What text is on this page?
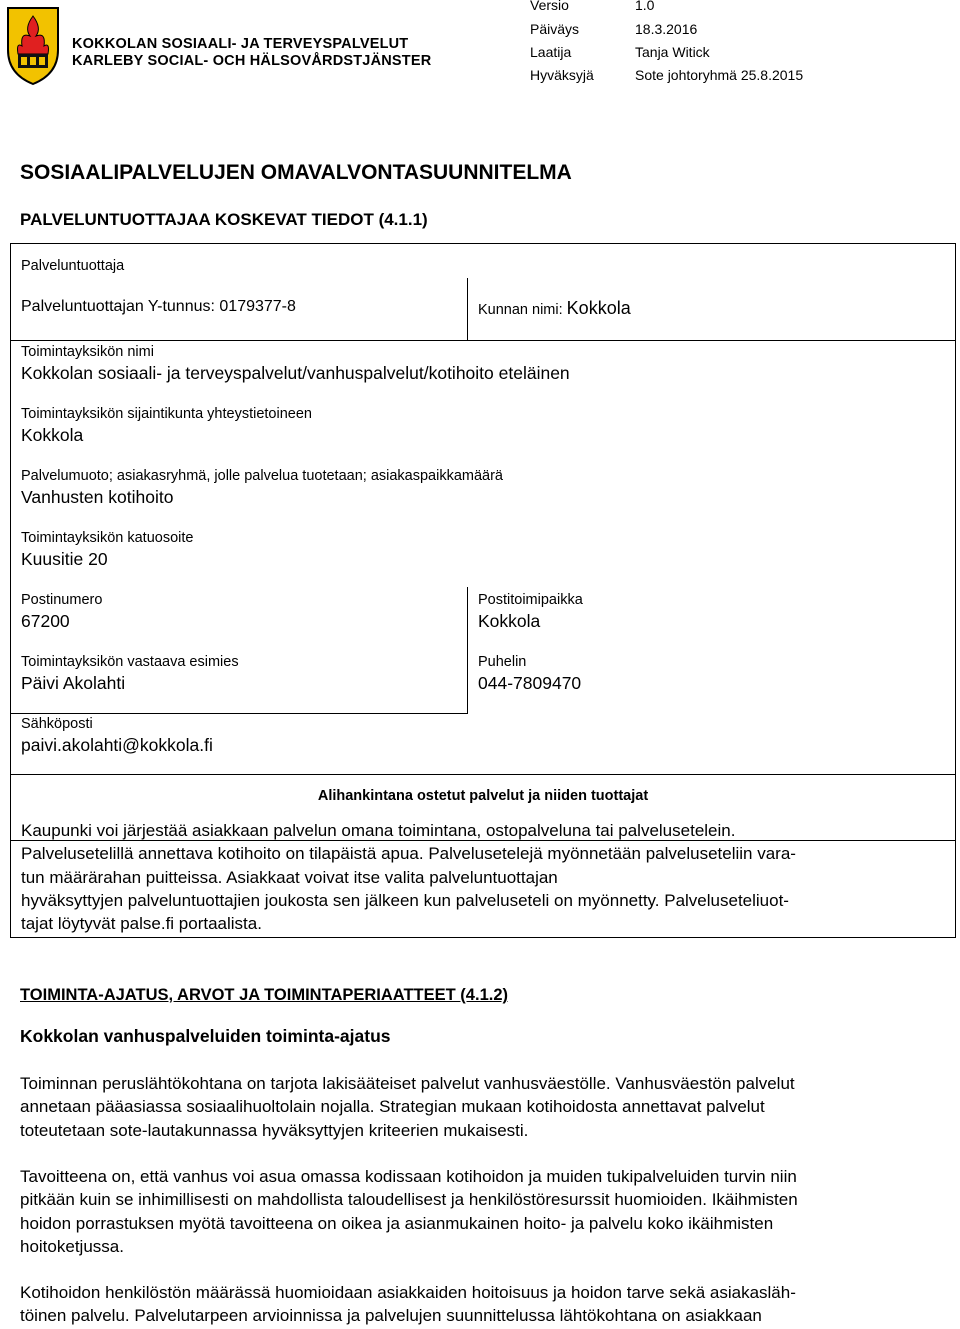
KOKKOLAN SOSIAALI- JA TERVEYSPALVELUT
KARLEBY SOCIAL- OCH HÄLSOVÅRDSTJÄNSTER
Versio	1.0
Päiväys	18.3.2016
Laatija	Tanja Witick
Hyväksyjä	Sote johtoryhmä 25.8.2015
SOSIAALIPALVELUJEN OMAVALVONTASUUNNITELMA
PALVELUNTUOTTAJAA KOSKEVAT TIEDOT (4.1.1)
Palveluntuottaja
Palveluntuottajan Y-tunnus: 0179377-8	Kunnan nimi: Kokkola
Toimintayksikön nimi
Kokkolan sosiaali- ja terveyspalvelut/vanhuspalvelut/kotihoito eteläinen
Toimintayksikön sijaintikunta yhteystietoineen
Kokkola
Palvelumuoto; asiakasryhmä, jolle palvelua tuotetaan; asiakaspaikkamäärä
Vanhusten kotihoito
Toimintayksikön katuosoite
Kuusitie 20
Postinumero
67200
Postitoimipaikka
Kokkola
Toimintayksikön vastaava esimies
Päivi Akolahti
Puhelin
044-7809470
Sähköposti
paivi.akolahti@kokkola.fi
Alihankintana ostetut palvelut ja niiden tuottajat
Kaupunki voi järjestää asiakkaan palvelun omana toimintana, ostopalveluna tai palvelusetelein.
Palvelusetelillä annettava kotihoito on tilapäistä apua. Palvelusetelejä myönnetään palveluseteliin vara-
tun määrärahan puitteissa. Asiakkaat voivat itse valita palveluntuottajan
hyväksyttyjen palveluntuottajien joukosta sen jälkeen kun palveluseteli on myönnetty. Palveluseteliuot-
tajat löytyvät palse.fi portaalista.
TOIMINTA-AJATUS, ARVOT JA TOIMINTAPERIAATTEET (4.1.2)
Kokkolan vanhuspalveluiden toiminta-ajatus
Toiminnan peruslähtökohtana on tarjota lakisääteiset palvelut vanhusväestölle. Vanhusväestön palvelut
annetaan pääasiassa sosiaalihuoltolain nojalla. Strategian mukaan kotihoidosta annettavat palvelut
toteutetaan sote-lautakunnassa hyväksyttyjen kriteerien mukaisesti.
Tavoitteena on, että vanhus voi asua omassa kodissaan kotihoidon ja muiden tukipalveluiden turvin niin
pitkään kuin se inhimillisesti on mahdollista taloudellisest ja henkilöstöresurssit huomioiden. Ikäihmisten
hoidon porrastuksen myötä tavoitteena on oikea ja asianmukainen hoito- ja palvelu koko ikäihmisten
hoitoketjussa.
Kotihoidon henkilöstön määrässä huomioidaan asiakkaiden hoitoisuus ja hoidon tarve sekä asiakasläh-
töinen palvelu. Palvelutarpeen arvioinnissa ja palvelujen suunnittelussa lähtökohtana on asiakkaan
